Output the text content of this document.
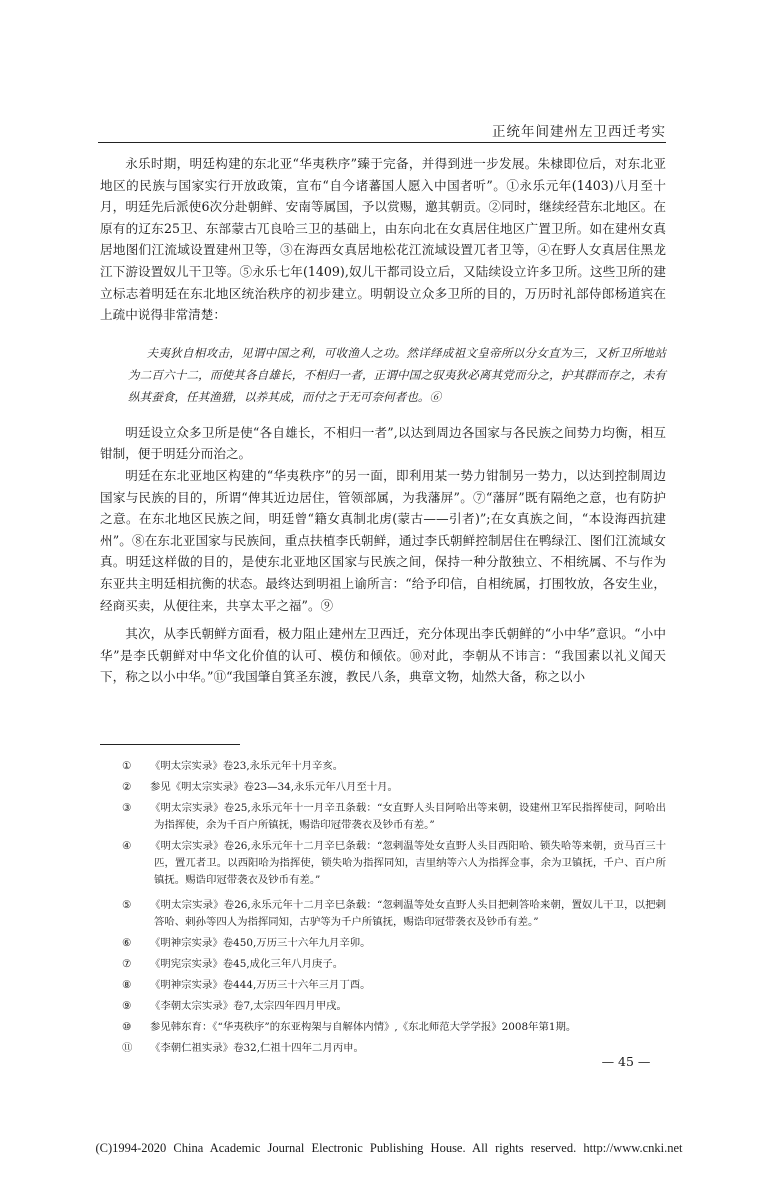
正统年间建州左卫西迁考实

永乐时期，明廷构建的东北亚“华夷秩序”臻于完备，并得到进一步发展。朱棣即位后，对东北亚地区的民族与国家实行开放政策，宣布“自今诸蕃国人愿入中国者听”。①永乐元年(1403)八月至十月，明廷先后派使6次分赴朝鲜、安南等属国，予以赏赐，邀其朝贡。②同时，继续经营东北地区。在原有的辽东25卫、东部蒙古兀良哈三卫的基础上，由东向北在女真居住地区广置卫所。如在建州女真居地图们江流域设置建州卫等，③在海西女真居地松花江流域设置兀者卫等，④在野人女真居住黑龙江下游设置奴儿干卫等。⑤永乐七年(1409),奴儿干都司设立后，又陆续设立许多卫所。这些卫所的建立标志着明廷在东北地区统治秩序的初步建立。明朝设立众多卫所的目的，万历时礼部侍郎杨道宾在上疏中说得非常清楚：

夫夷狄自相攻击，见谓中国之利，可收渔人之功。然详绎成祖文皇帝所以分女直为三，又析卫所地站为二百六十二，而使其各自雄长，不相归一者，正谓中国之驭夷狄必离其党而分之，护其群而存之，未有纵其蚕食，任其渔猎，以养其成，而付之于无可奈何者也。⑥

明廷设立众多卫所是使“各自雄长，不相归一者”,以达到周边各国家与各民族之间势力均衡，相互钳制，便于明廷分而治之。

明廷在东北亚地区构建的“华夷秩序”的另一面，即利用某一势力钳制另一势力，以达到控制周边国家与民族的目的，所谓“俾其近边居住，管领部属，为我藩屏”。⑦“藩屏”既有隔绝之意，也有防护之意。在东北地区民族之间，明廷曾“籍女真制北虏(蒙古——引者)”;在女真族之间，“本设海西抗建州”。⑧在东北亚国家与民族间，重点扶植李氏朝鲜，通过李氏朝鲜控制居住在鸭绿江、图们江流域女真。明廷这样做的目的，是使东北亚地区国家与民族之间，保持一种分散独立、不相统属、不与作为东亚共主明廷相抗衡的状态。最终达到明祖上谕所言：“给予印信，自相统属，打围牧放，各安生业，经商买卖，从便往来，共享太平之福”。⑨

其次，从李氏朝鲜方面看，极力阻止建州左卫西迁，充分体现出李氏朝鲜的“小中华”意识。“小中华”是李氏朝鲜对中华文化价值的认可、模仿和倾依。⑩对此，李朝从不讳言：“我国素以礼义闻天下，称之以小中华。”⑪“我国肇自箕圣东渡，教民八条，典章文物，灿然大备，称之以小

① 《明太宗实录》卷23,永乐元年十月辛亥。

② 参见《明太宗实录》卷23—34,永乐元年八月至十月。

③ 《明太宗实录》卷25,永乐元年十一月辛丑条载：“女直野人头目阿哈出等来朝，设建州卫军民指挥使司，阿哈出为指挥使，余为千百户所镇抚，赐诰印冠带袭衣及钞币有差。”

④ 《明太宗实录》卷26,永乐元年十二月辛巳条载：“忽剌温等处女直野人头目西阳哈、锁失哈等来朝，贡马百三十匹，置兀者卫。以西阳哈为指挥使，锁失哈为指挥同知，吉里纳等六人为指挥佥事，余为卫镇抚，千户、百户所镇抚。赐诰印冠带袭衣及钞币有差。”

⑤ 《明太宗实录》卷26,永乐元年十二月辛巳条载：“忽剌温等处女直野人头目把剌答哈来朝，置奴儿干卫，以把剌答哈、剌孙等四人为指挥同知，古驴等为千户所镇抚，赐诰印冠带袭衣及钞币有差。”

⑥ 《明神宗实录》卷450,万历三十六年九月辛卯。

⑦ 《明宪宗实录》卷45,成化三年八月庚子。

⑧ 《明神宗实录》卷444,万历三十六年三月丁酉。

⑨ 《李朝太宗实录》卷7,太宗四年四月甲戌。

⑩ 参见韩东育：《“华夷秩序”的东亚构架与自解体内情》,《东北师范大学学报》2008年第1期。

⑪ 《李朝仁祖实录》卷32,仁祖十四年二月丙申。

— 45 —
(C)1994-2020 China Academic Journal Electronic Publishing House. All rights reserved. http://www.cnki.net
